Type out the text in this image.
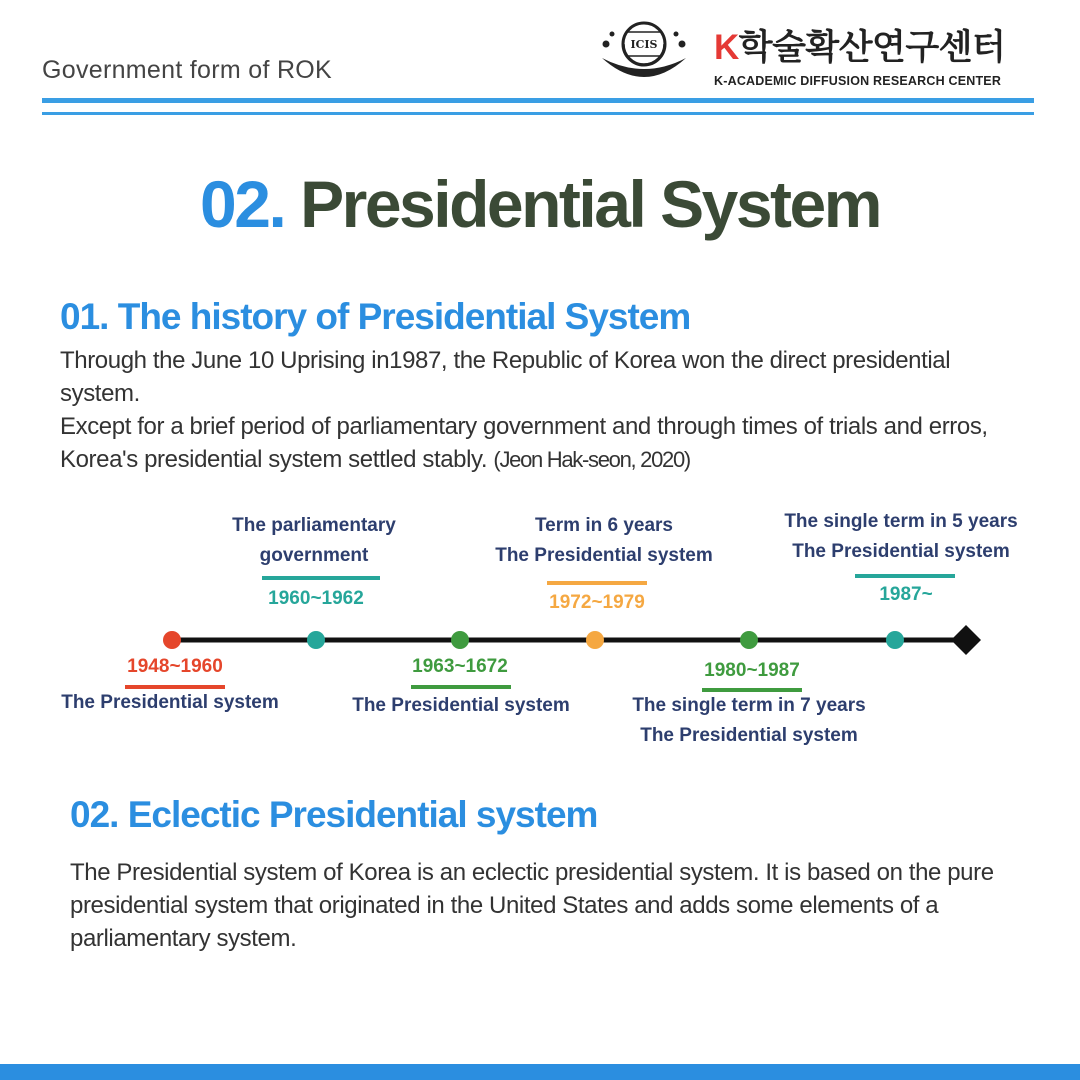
Government form of ROK
ICIS K학술확산연구센터
K-ACADEMIC DIFFUSION RESEARCH CENTER
02. Presidential System
01. The history of Presidential System
Through the June 10 Uprising in1987, the Republic of Korea won the direct presidential system.
Except for a brief period of parliamentary government and through times of trials and erros, Korea's presidential system settled stably. (Jeon Hak-seon, 2020)
1948~1960
The Presidential system
The parliamentary
government
1960~1962
1963~1672
The Presidential system
Term in 6 years
The Presidential system
1972~1979
1980~1987
The single term in 7 years
The Presidential system
The single term in 5 years
The Presidential system
1987~
02. Eclectic Presidential system
The Presidential system of Korea is an eclectic presidential system. It is based on the pure presidential system that originated in the United States and adds some elements of a parliamentary system.
